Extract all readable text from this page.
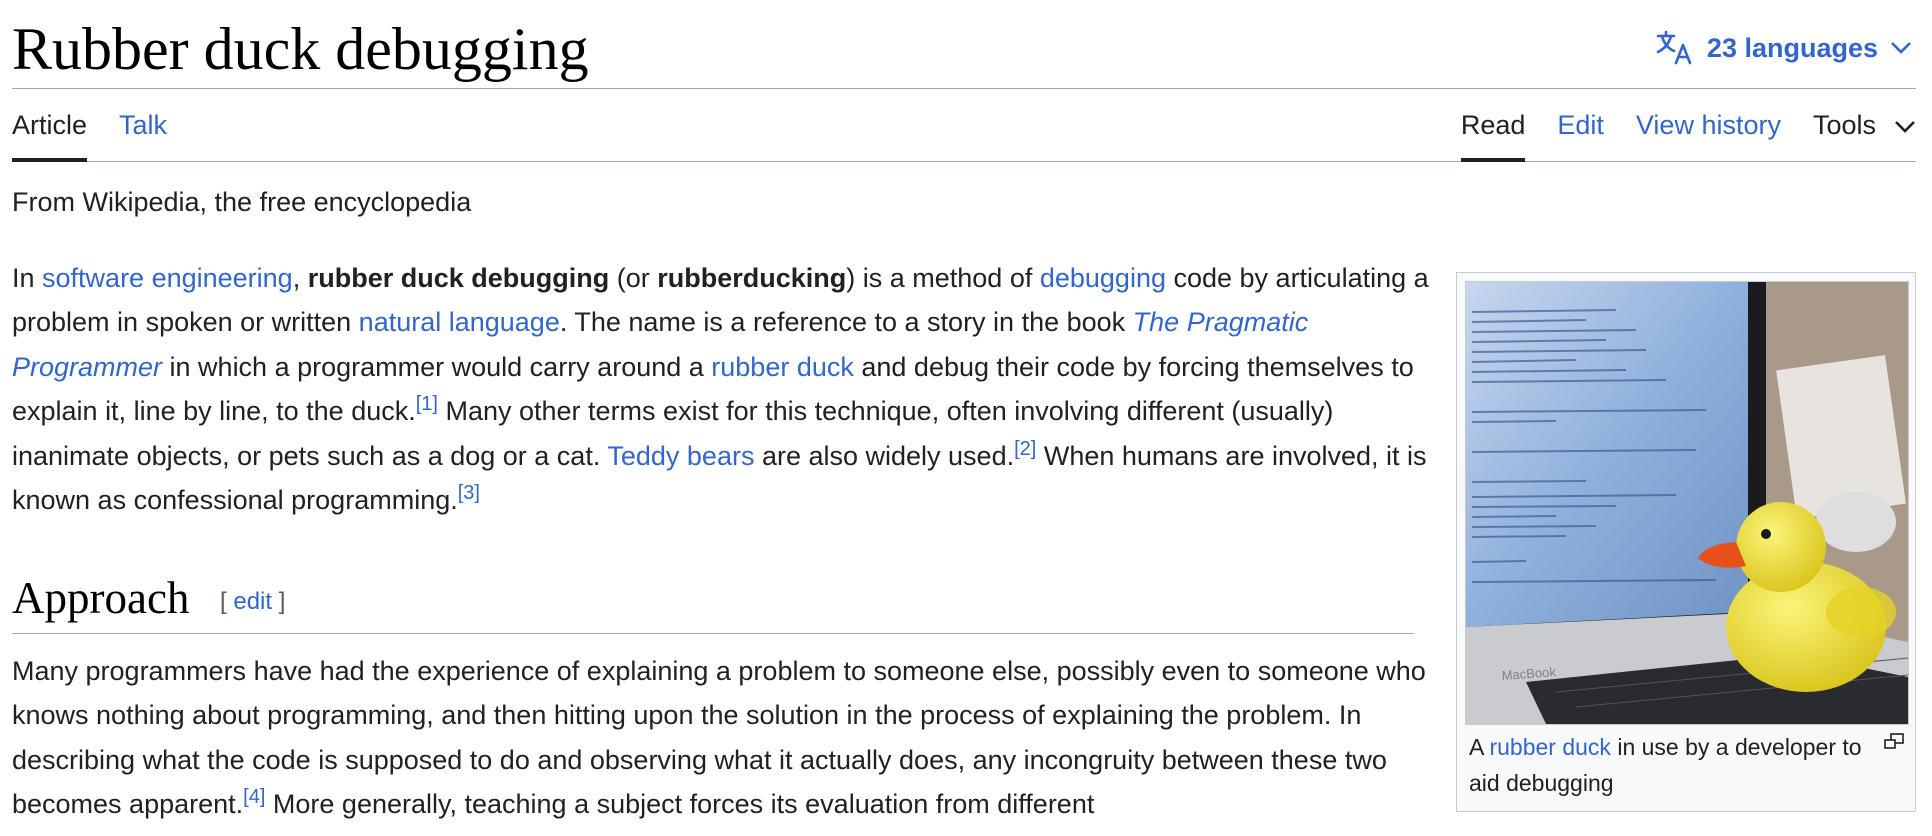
Rubber duck debugging	23 languages
Article	Talk	Read	Edit	View history	Tools
From Wikipedia, the free encyclopedia

In software engineering, rubber duck debugging (or rubberducking) is a method of debugging code by articulating a problem in spoken or written natural language. The name is a reference to a story in the book The Pragmatic Programmer in which a programmer would carry around a rubber duck and debug their code by forcing themselves to explain it, line by line, to the duck.[1] Many other terms exist for this technique, often involving different (usually) inanimate objects, or pets such as a dog or a cat. Teddy bears are also widely used.[2] When humans are involved, it is known as confessional programming.[3]

Approach [ edit ]

Many programmers have had the experience of explaining a problem to someone else, possibly even to someone who knows nothing about programming, and then hitting upon the solution in the process of explaining the problem. In describing what the code is supposed to do and observing what it actually does, any incongruity between these two becomes apparent.[4] More generally, teaching a subject forces its evaluation from different

MacBook
A rubber duck in use by a developer to aid debugging
